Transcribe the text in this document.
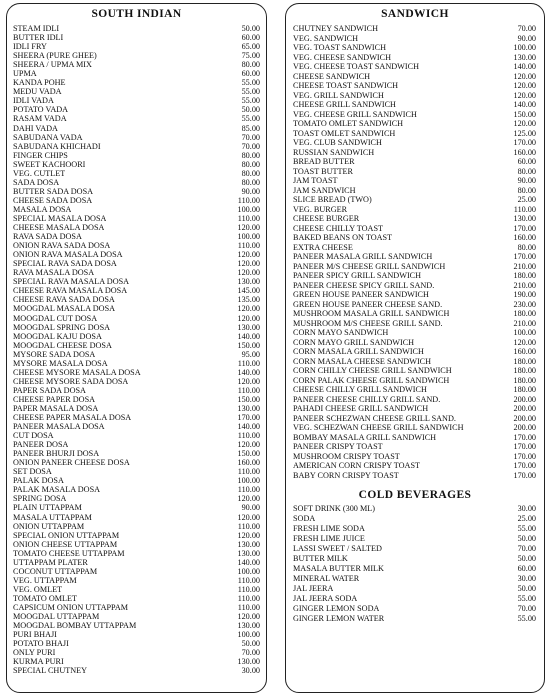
SOUTH INDIAN
STEAM IDLI	50.00
BUTTER IDLI	60.00
IDLI FRY	65.00
SHEERA (PURE GHEE)	75.00
SHEERA / UPMA MIX	80.00
UPMA	60.00
KANDA POHE	55.00
MEDU VADA	55.00
IDLI VADA	55.00
POTATO VADA	50.00
RASAM VADA	55.00
DAHI VADA	85.00
SABUDANA VADA	70.00
SABUDANA KHICHADI	70.00
FINGER CHIPS	80.00
SWEET KACHOORI	80.00
VEG. CUTLET	80.00
SADA DOSA	80.00
BUTTER SADA DOSA	90.00
CHEESE SADA DOSA	110.00
MASALA DOSA	100.00
SPECIAL MASALA DOSA	110.00
CHEESE MASALA DOSA	120.00
RAVA SADA DOSA	100.00
ONION RAVA SADA DOSA	110.00
ONION RAVA MASALA DOSA	120.00
SPECIAL RAVA SADA DOSA	120.00
RAVA MASALA DOSA	120.00
SPECIAL RAVA MASALA DOSA	130.00
CHEESE RAVA MASALA DOSA	145.00
CHEESE RAVA SADA DOSA	135.00
MOOGDAL MASALA DOSA	120.00
MOOGDAL CUT DOSA	120.00
MOOGDAL SPRING DOSA	130.00
MOOGDAL KAJU DOSA	140.00
MOOGDAL CHEESE DOSA	150.00
MYSORE SADA DOSA	95.00
MYSORE MASALA DOSA	110.00
CHEESE MYSORE MASALA DOSA	140.00
CHEESE MYSORE SADA DOSA	120.00
PAPER SADA DOSA	110.00
CHEESE PAPER DOSA	150.00
PAPER MASALA DOSA	130.00
CHEESE PAPER MASALA DOSA	170.00
PANEER MASALA DOSA	140.00
CUT DOSA	110.00
PANEER DOSA	120.00
PANEER BHURJI DOSA	150.00
ONION PANEER CHEESE DOSA	160.00
SET DOSA	110.00
PALAK DOSA	100.00
PALAK MASALA DOSA	110.00
SPRING DOSA	120.00
PLAIN UTTAPPAM	90.00
MASALA UTTAPPAM	120.00
ONION UTTAPPAM	110.00
SPECIAL ONION UTTAPPAM	120.00
ONION CHEESE UTTAPPAM	130.00
TOMATO CHEESE UTTAPPAM	130.00
UTTAPPAM PLATER	140.00
COCONUT UTTAPPAM	100.00
VEG. UTTAPPAM	110.00
VEG. OMLET	110.00
TOMATO OMLET	110.00
CAPSICUM ONION UTTAPPAM	110.00
MOOGDAL UTTAPPAM	120.00
MOOGDAL BOMBAY UTTAPPAM	130.00
PURI BHAJI	100.00
POTATO BHAJI	50.00
ONLY PURI	70.00
KURMA PURI	130.00
SPECIAL CHUTNEY	30.00
SANDWICH
CHUTNEY SANDWICH	70.00
VEG. SANDWICH	90.00
VEG. TOAST SANDWICH	100.00
VEG. CHEESE SANDWICH	130.00
VEG. CHEESE TOAST SANDWICH	140.00
CHEESE SANDWICH	120.00
CHEESE TOAST SANDWICH	120.00
VEG. GRILL SANDWICH	120.00
CHEESE GRILL SANDWICH	140.00
VEG. CHEESE GRILL SANDWICH	150.00
TOMATO OMLET SANDWICH	120.00
TOAST OMLET SANDWICH	125.00
VEG. CLUB SANDWICH	170.00
RUSSIAN SANDWICH	160.00
BREAD BUTTER	60.00
TOAST BUTTER	80.00
JAM TOAST	90.00
JAM SANDWICH	80.00
SLICE BREAD (TWO)	25.00
VEG. BURGER	110.00
CHEESE BURGER	130.00
CHEESE CHILLY TOAST	170.00
BAKED BEANS ON TOAST	160.00
EXTRA CHEESE	80.00
PANEER MASALA GRILL SANDWICH	170.00
PANEER M/S CHEESE GRILL SANDWICH	210.00
PANEER SPICY GRILL SANDWICH	180.00
PANEER CHEESE SPICY GRILL SAND.	210.00
GREEN HOUSE PANEER SANDWICH	190.00
GREEN HOUSE PANEER CHEESE SAND.	230.00
MUSHROOM MASALA GRILL SANDWICH	180.00
MUSHROOM M/S CHEESE GRILL SAND.	210.00
CORN MAYO SANDWICH	100.00
CORN MAYO GRILL SANDWICH	120.00
CORN MASALA GRILL SANDWICH	160.00
CORN MASALA CHEESE SANDWICH	180.00
CORN CHILLY CHEESE GRILL SANDWICH	180.00
CORN PALAK CHEESE GRILL SANDWICH	180.00
CHEESE CHILLY GRILL SANDWICH	180.00
PANEER CHEESE CHILLY GRILL SAND.	200.00
PAHADI CHEESE GRILL SANDWICH	200.00
PANEER SCHEZWAN CHEESE GRILL SAND.	200.00
VEG. SCHEZWAN CHEESE GRILL SANDWICH	200.00
BOMBAY MASALA GRILL SANDWICH	170.00
PANEER CRISPY TOAST	170.00
MUSHROOM CRISPY TOAST	170.00
AMERICAN CORN CRISPY TOAST	170.00
BABY CORN CRISPY TOAST	170.00
COLD BEVERAGES
SOFT DRINK (300 ML)	30.00
SODA	25.00
FRESH LIME SODA	55.00
FRESH LIME JUICE	50.00
LASSI SWEET / SALTED	70.00
BUTTER MILK	50.00
MASALA BUTTER MILK	60.00
MINERAL WATER	30.00
JAL JEERA	50.00
JAL JEERA SODA	55.00
GINGER LEMON SODA	70.00
GINGER LEMON WATER	55.00
